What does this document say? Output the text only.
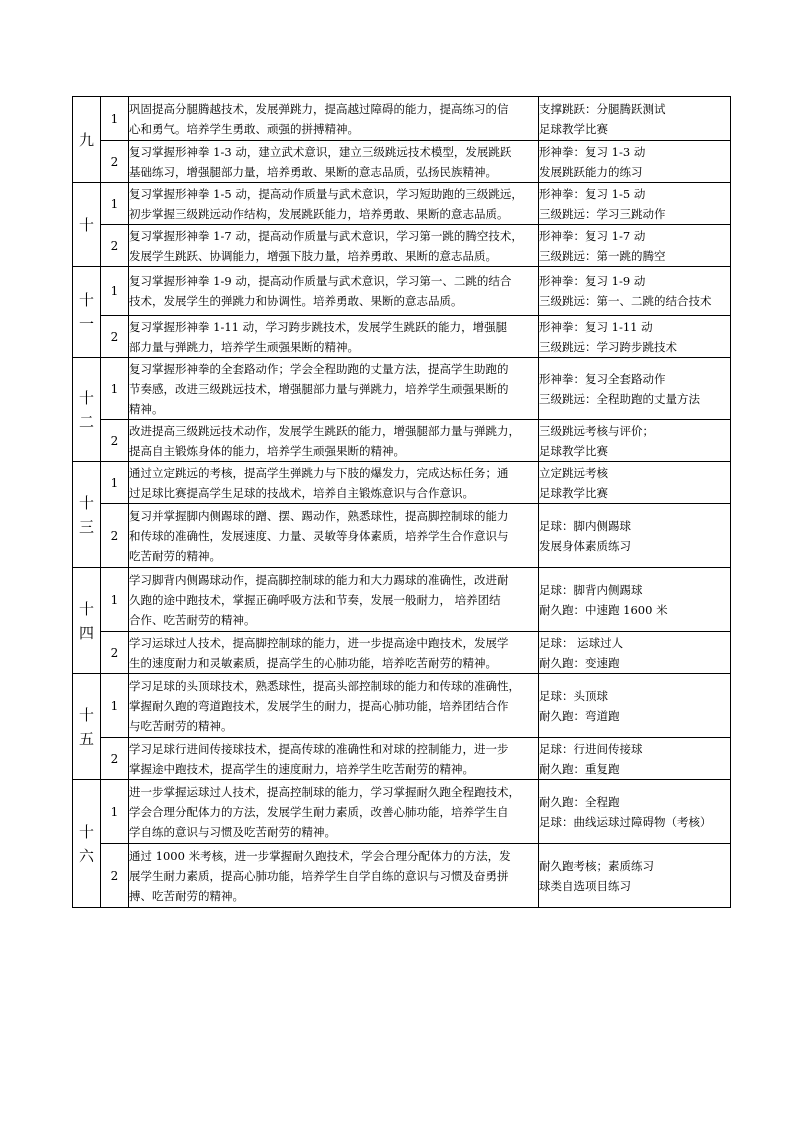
九	1	巩固提高分腿腾越技术，发展弹跳力，提高越过障碍的能力，提高练习的信
心和勇气。培养学生勇敢、顽强的拼搏精神。	支撑跳跃：分腿腾跃测试
足球教学比赛

	2	复习掌握形神拳 1-3 动，建立武术意识，建立三级跳远技术模型，发展跳跃
基础练习，增强腿部力量，培养勇敢、果断的意志品质，弘扬民族精神。	形神拳：复习 1-3 动
发展跳跃能力的练习

十	1	复习掌握形神拳 1-5 动，提高动作质量与武术意识，学习短助跑的三级跳远，
初步掌握三级跳远动作结构，发展跳跃能力，培养勇敢、果断的意志品质。	形神拳：复习 1-5 动
三级跳远：学习三跳动作

	2	复习掌握形神拳 1-7 动，提高动作质量与武术意识，学习第一跳的腾空技术，
发展学生跳跃、协调能力，增强下肢力量，培养勇敢、果断的意志品质。	形神拳：复习 1-7 动
三级跳远：第一跳的腾空

十
一	1	复习掌握形神拳 1-9 动，提高动作质量与武术意识，学习第一、二跳的结合
技术，发展学生的弹跳力和协调性。培养勇敢、果断的意志品质。	形神拳：复习 1-9 动
三级跳远：第一、二跳的结合技术

	2	复习掌握形神拳 1-11 动，学习跨步跳技术，发展学生跳跃的能力，增强腿
部力量与弹跳力，培养学生顽强果断的精神。	形神拳：复习 1-11 动
三级跳远：学习跨步跳技术

十
二	1	复习掌握形神拳的全套路动作；学会全程助跑的丈量方法，提高学生助跑的
节奏感，改进三级跳远技术，增强腿部力量与弹跳力，培养学生顽强果断的
精神。	形神拳：复习全套路动作
三级跳远：全程助跑的丈量方法

	2	改进提高三级跳远技术动作，发展学生跳跃的能力，增强腿部力量与弹跳力，
提高自主锻炼身体的能力，培养学生顽强果断的精神。	三级跳远考核与评价；
足球教学比赛

十
三	1	通过立定跳远的考核，提高学生弹跳力与下肢的爆发力，完成达标任务；通
过足球比赛提高学生足球的技战术，培养自主锻炼意识与合作意识。	立定跳远考核
足球教学比赛

	2	复习并掌握脚内侧踢球的蹭、摆、踢动作，熟悉球性，提高脚控制球的能力
和传球的准确性，发展速度、力量、灵敏等身体素质，培养学生合作意识与
吃苦耐劳的精神。	足球：脚内侧踢球
发展身体素质练习

十
四	1	学习脚背内侧踢球动作，提高脚控制球的能力和大力踢球的准确性，改进耐
久跑的途中跑技术，掌握正确呼吸方法和节奏，发展一般耐力， 培养团结
合作、吃苦耐劳的精神。	足球：脚背内侧踢球
耐久跑：中速跑 1600 米

	2	学习运球过人技术，提高脚控制球的能力，进一步提高途中跑技术，发展学
生的速度耐力和灵敏素质，提高学生的心肺功能，培养吃苦耐劳的精神。	足球： 运球过人
耐久跑：变速跑

十
五	1	学习足球的头顶球技术，熟悉球性，提高头部控制球的能力和传球的准确性，
掌握耐久跑的弯道跑技术，发展学生的耐力，提高心肺功能，培养团结合作
与吃苦耐劳的精神。	足球：头顶球
耐久跑：弯道跑

	2	学习足球行进间传接球技术，提高传球的准确性和对球的控制能力，进一步
掌握途中跑技术，提高学生的速度耐力，培养学生吃苦耐劳的精神。	足球：行进间传接球
耐久跑：重复跑

十
六	1	进一步掌握运球过人技术，提高控制球的能力，学习掌握耐久跑全程跑技术，
学会合理分配体力的方法，发展学生耐力素质，改善心肺功能，培养学生自
学自练的意识与习惯及吃苦耐劳的精神。	耐久跑：全程跑
足球：曲线运球过障碍物（考核）

	2	通过 1000 米考核，进一步掌握耐久跑技术，学会合理分配体力的方法，发
展学生耐力素质，提高心肺功能，培养学生自学自练的意识与习惯及奋勇拼
搏、吃苦耐劳的精神。	耐久跑考核；素质练习
球类自选项目练习
